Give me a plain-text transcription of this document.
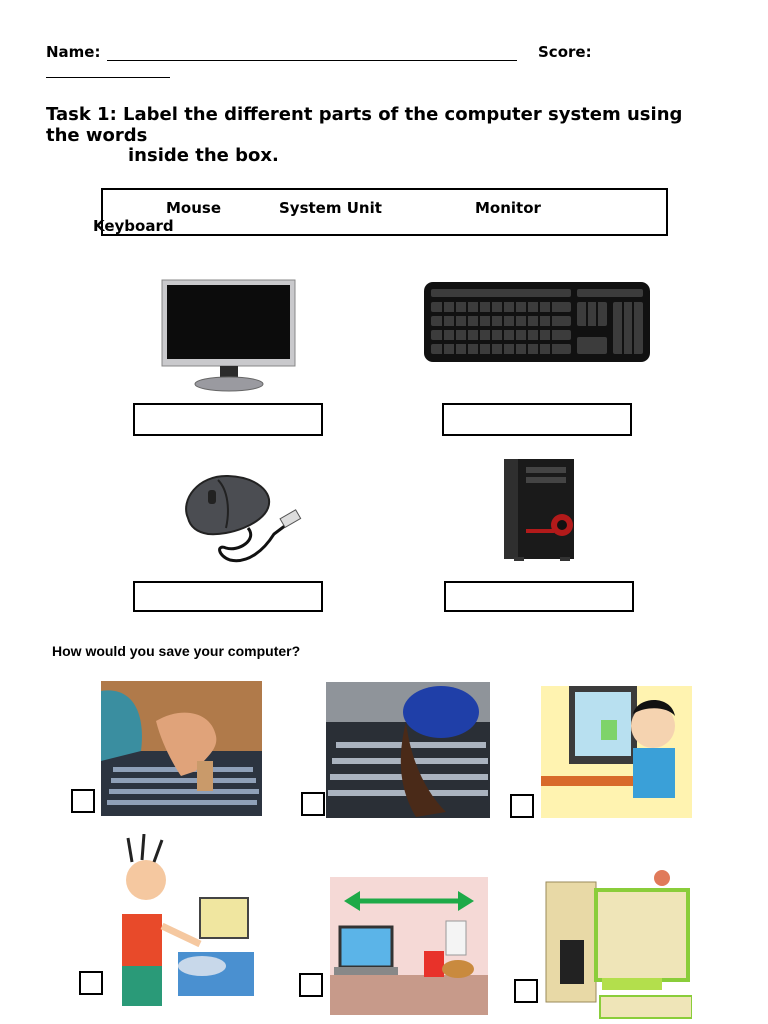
Name:	Score:
Task 1: Label the different parts of the computer system using
the words
inside the box.
Mouse	System Unit	Monitor
Keyboard
How would you save your computer?
